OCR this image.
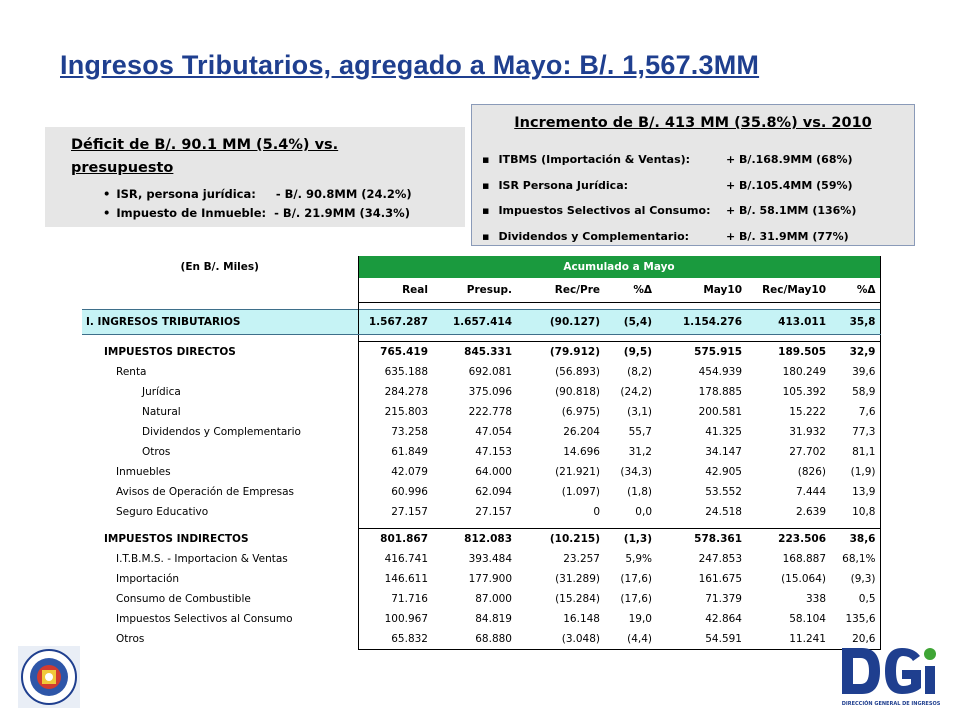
Ingresos Tributarios, agregado a Mayo: B/. 1,567.3MM
Déficit de B/. 90.1 MM (5.4%) vs. presupuesto
• ISR, persona jurídica: - B/. 90.8MM (24.2%)
• Impuesto de Inmueble: - B/. 21.9MM (34.3%)
Incremento de B/. 413 MM (35.8%) vs. 2010
▪ ITBMS (Importación & Ventas):	+ B/.168.9MM (68%)
▪ ISR Persona Jurídica:	+ B/.105.4MM (59%)
▪ Impuestos Selectivos al Consumo: + B/. 58.1MM (136%)
▪ Dividendos y Complementario:	+ B/. 31.9MM (77%)
(En B/. Miles)	Acumulado a Mayo						
	Real	Presup.	Rec/Pre	%Δ	May10	Rec/May10	%Δ

I. INGRESOS TRIBUTARIOS	1.567.287	1.657.414	(90.127)	(5,4)	1.154.276	413.011	35,8

IMPUESTOS DIRECTOS	765.419	845.331	(79.912)	(9,5)	575.915	189.505	32,9
Renta	635.188	692.081	(56.893)	(8,2)	454.939	180.249	39,6
Jurídica	284.278	375.096	(90.818)	(24,2)	178.885	105.392	58,9
Natural	215.803	222.778	(6.975)	(3,1)	200.581	15.222	7,6
Dividendos y Complementario	73.258	47.054	26.204	55,7	41.325	31.932	77,3
Otros	61.849	47.153	14.696	31,2	34.147	27.702	81,1
Inmuebles	42.079	64.000	(21.921)	(34,3)	42.905	(826)	(1,9)
Avisos de Operación de Empresas	60.996	62.094	(1.097)	(1,8)	53.552	7.444	13,9
Seguro Educativo	27.157	27.157	0	0,0	24.518	2.639	10,8

IMPUESTOS INDIRECTOS	801.867	812.083	(10.215)	(1,3)	578.361	223.506	38,6
I.T.B.M.S. - Importacion & Ventas	416.741	393.484	23.257	5,9%	247.853	168.887	68,1%
Importación	146.611	177.900	(31.289)	(17,6)	161.675	(15.064)	(9,3)
Consumo de Combustible	71.716	87.000	(15.284)	(17,6)	71.379	338	0,5
Impuestos Selectivos al Consumo	100.967	84.819	16.148	19,0	42.864	58.104	135,6
Otros	65.832	68.880	(3.048)	(4,4)	54.591	11.241	20,6
DIRECCIÓN GENERAL DE INGRESOS
